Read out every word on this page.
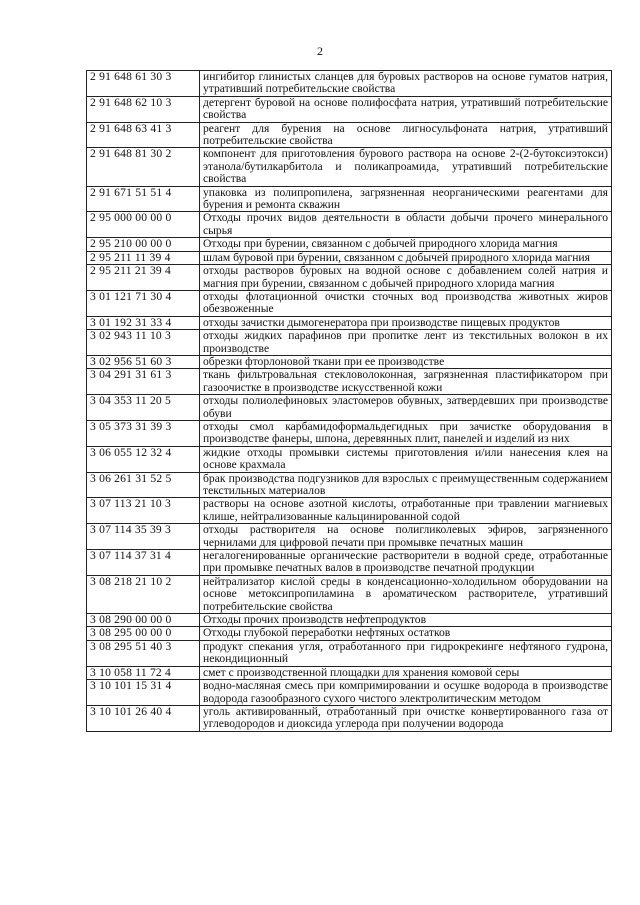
2
2 91 648 61 30 3	ингибитор глинистых сланцев для буровых растворов на основе гуматов натрия, утративший потребительские свойства
2 91 648 62 10 3	детергент буровой на основе полифосфата натрия, утративший потребительские свойства
2 91 648 63 41 3	реагент для бурения на основе лигносульфоната натрия, утративший потребительские свойства
2 91 648 81 30 2	компонент для приготовления бурового раствора на основе 2-(2-бутоксиэтокси) этанола/бутилкарбитола и поликапроамида, утративший потребительские свойства
2 91 671 51 51 4	упаковка из полипропилена, загрязненная неорганическими реагентами для бурения и ремонта скважин
2 95 000 00 00 0	Отходы прочих видов деятельности в области добычи прочего минерального сырья
2 95 210 00 00 0	Отходы при бурении, связанном с добычей природного хлорида магния
2 95 211 11 39 4	шлам буровой при бурении, связанном с добычей природного хлорида магния
2 95 211 21 39 4	отходы растворов буровых на водной основе с добавлением солей натрия и магния при бурении, связанном с добычей природного хлорида магния
3 01 121 71 30 4	отходы флотационной очистки сточных вод производства животных жиров обезвоженные
3 01 192 31 33 4	отходы зачистки дымогенератора при производстве пищевых продуктов
3 02 943 11 10 3	отходы жидких парафинов при пропитке лент из текстильных волокон в их производстве
3 02 956 51 60 3	обрезки фторлоновой ткани при ее производстве
3 04 291 31 61 3	ткань фильтровальная стекловолоконная, загрязненная пластификатором при газоочистке в производстве искусственной кожи
3 04 353 11 20 5	отходы полиолефиновых эластомеров обувных, затвердевших при производстве обуви
3 05 373 31 39 3	отходы смол карбамидоформальдегидных при зачистке оборудования в производстве фанеры, шпона, деревянных плит, панелей и изделий из них
3 06 055 12 32 4	жидкие отходы промывки системы приготовления и/или нанесения клея на основе крахмала
3 06 261 31 52 5	брак производства подгузников для взрослых с преимущественным содержанием текстильных материалов
3 07 113 21 10 3	растворы на основе азотной кислоты, отработанные при травлении магниевых клише, нейтрализованные кальцинированной содой
3 07 114 35 39 3	отходы растворителя на основе полигликолевых эфиров, загрязненного чернилами для цифровой печати при промывке печатных машин
3 07 114 37 31 4	негалогенированные органические растворители в водной среде, отработанные при промывке печатных валов в производстве печатной продукции
3 08 218 21 10 2	нейтрализатор кислой среды в конденсационно-холодильном оборудовании на основе метоксипропиламина в ароматическом растворителе, утративший потребительские свойства
3 08 290 00 00 0	Отходы прочих производств нефтепродуктов
3 08 295 00 00 0	Отходы глубокой переработки нефтяных остатков
3 08 295 51 40 3	продукт спекания угля, отработанного при гидрокрекинге нефтяного гудрона, некондиционный
3 10 058 11 72 4	смет с производственной площадки для хранения комовой серы
3 10 101 15 31 4	водно-масляная смесь при компримировании и осушке водорода в производстве водорода газообразного сухого чистого электролитическим методом
3 10 101 26 40 4	уголь активированный, отработанный при очистке конвертированного газа от углеводородов и диоксида углерода при получении водорода
